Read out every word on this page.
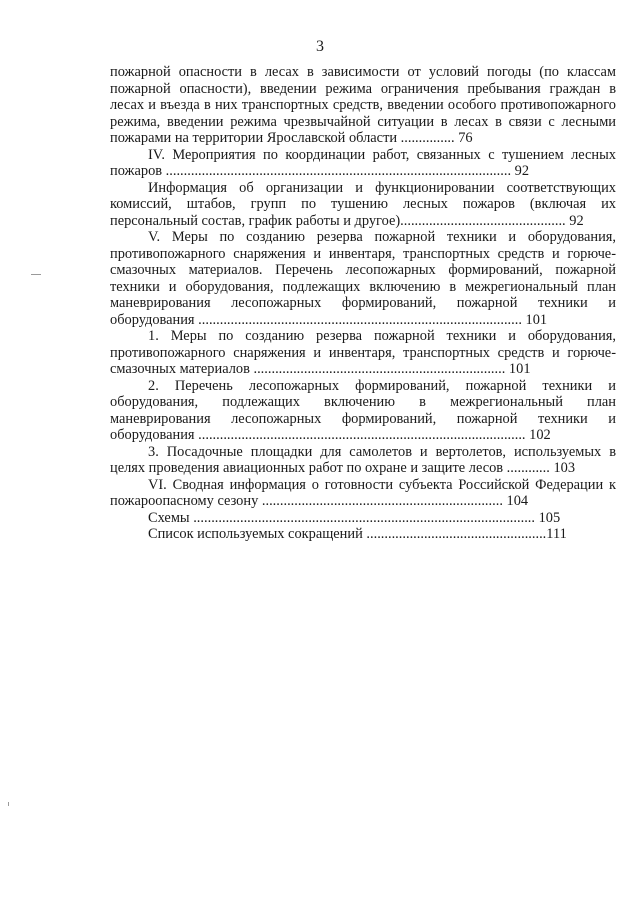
3

пожарной опасности в лесах в зависимости от условий погоды (по классам пожарной опасности), введении режима ограничения пребывания граждан в лесах и въезда в них транспортных средств, введении особого противопожарного режима, введении режима чрезвычайной ситуации в лесах в связи с лесными пожарами на территории Ярославской области ............... 76

IV. Мероприятия по координации работ, связанных с тушением лесных пожаров ................................................................................................ 92

Информация об организации и функционировании соответствующих комиссий, штабов, групп по тушению лесных пожаров (включая их персональный состав, график работы и другое).............................................. 92

V. Меры по созданию резерва пожарной техники и оборудования, противопожарного снаряжения и инвентаря, транспортных средств и горюче-смазочных материалов. Перечень лесопожарных формирований, пожарной техники и оборудования, подлежащих включению в межрегиональный план маневрирования лесопожарных формирований, пожарной техники и оборудования .......................................................................................... 101

1. Меры по созданию резерва пожарной техники и оборудования, противопожарного снаряжения и инвентаря, транспортных средств и горюче-смазочных материалов ...................................................................... 101

2. Перечень лесопожарных формирований, пожарной техники и оборудования, подлежащих включению в межрегиональный план маневрирования лесопожарных формирований, пожарной техники и оборудования ........................................................................................... 102

3. Посадочные площадки для самолетов и вертолетов, используемых в целях проведения авиационных работ по охране и защите лесов ............ 103

VI. Сводная информация о готовности субъекта Российской Федерации к пожароопасному сезону ................................................................... 104

Схемы ............................................................................................... 105

Список используемых сокращений ..................................................111
